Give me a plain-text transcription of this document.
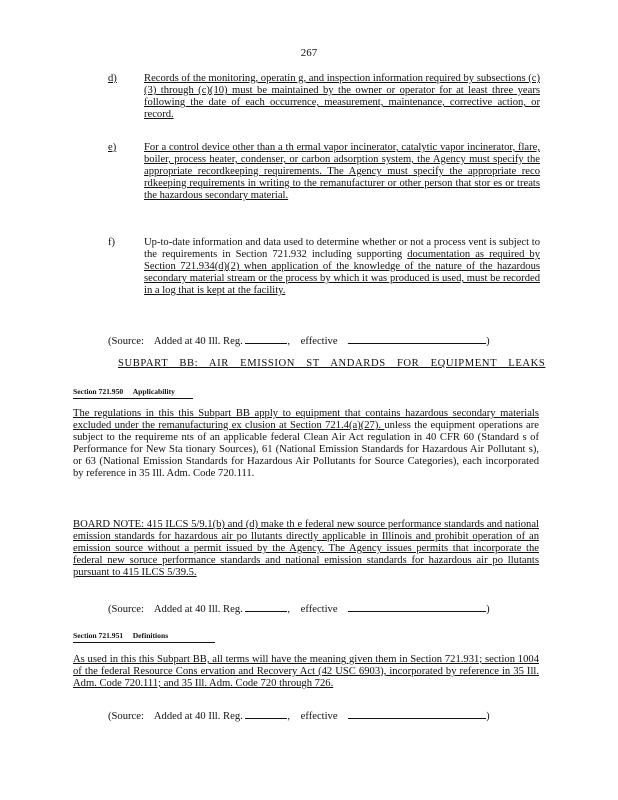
267
d)	Records of the monitoring, operatin g, and inspection information required by subsections (c)(3) through (c)(10) must be maintained by the owner or operator for at least three years following the date of each occurrence, measurement, maintenance, corrective action, or record.
e)	For a control device other than a th ermal vapor incinerator, catalytic vapor incinerator, flare, boiler, process heater, condenser, or carbon adsorption system, the Agency must specify the appropriate recordkeeping requirements. The Agency must specify the appropriate reco rdkeeping requirements in writing to the remanufacturer or other person that stor es or treats the hazardous secondary material.
f)	Up-to-date information and data used to determine whether or not a process vent is subject to the requirements in Section 721.932 including supporting documentation as required by Section 721.934(d)(2) when application of the knowledge of the nature of the hazardous secondary material stream or the process by which it was produced is used, must be recorded in a log that is kept at the facility.
(Source: Added at 40 Ill. Reg.	, effective	)
SUBPART BB: AIR EMISSION ST ANDARDS FOR EQUIPMENT LEAKS
Section 721.950 Applicability
The regulations in this this Subpart BB apply to equipment that contains hazardous secondary materials excluded under the remanufacturing ex clusion at Section 721.4(a)(27). unless the equipment operations are subject to the requireme nts of an applicable federal Clean Air Act regulation in 40 CFR 60 (Standard s of Performance for New Sta tionary Sources), 61 (National Emission Standards for Hazardous Air Pollutant s), or 63 (National Emission Standards for Hazardous Air Pollutants for Source Categories), each incorporated by reference in 35 Ill. Adm. Code 720.111.
BOARD NOTE: 415 ILCS 5/9.1(b) and (d) make th e federal new source performance standards and national emission standards for hazardous air po llutants directly applicable in Illinois and prohibit operation of an emission source without a permit issued by the Agency. The Agency issues permits that incorporate the federal new soruce performance standards and national emission standards for hazardous air po llutants pursuant to 415 ILCS 5/39.5.
(Source: Added at 40 Ill. Reg.	, effective	)
Section 721.951 Definitions
As used in this this Subpart BB, all terms will have the meaning given them in Section 721.931; section 1004 of the federal Resource Cons ervation and Recovery Act (42 USC 6903), incorporated by reference in 35 Ill. Adm. Code 720.111; and 35 Ill. Adm. Code 720 through 726.
(Source: Added at 40 Ill. Reg.	, effective	)
